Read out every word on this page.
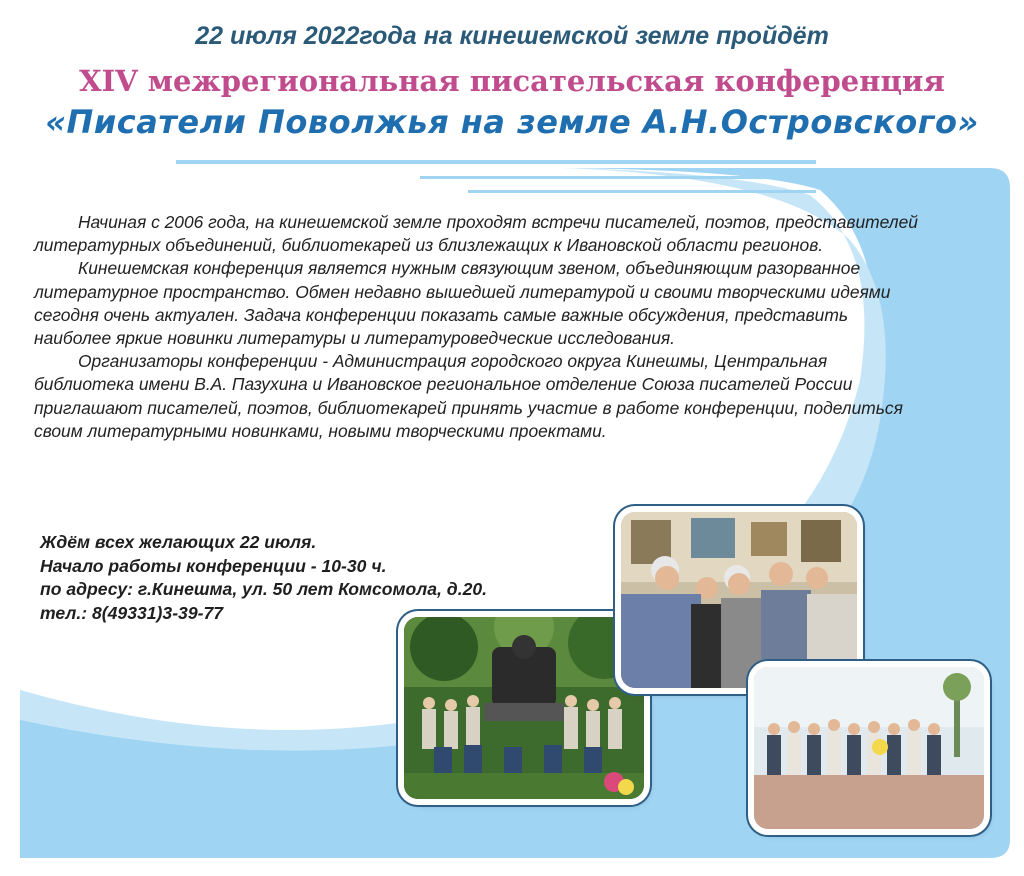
22 июля 2022года на кинешемской земле пройдёт
XIV межрегиональная писательская конференция
«Писатели Поволжья на земле А.Н.Островского»

Начиная с 2006 года, на кинешемской земле проходят встречи писателей, поэтов, представителей литературных объединений, библиотекарей из близлежащих к Ивановской области регионов.

Кинешемская конференция является нужным связующим звеном, объединяющим разорванное литературное пространство. Обмен недавно вышедшей литературой и своими творческими идеями сегодня очень актуален. Задача конференции показать самые важные обсуждения, представить наиболее яркие новинки литературы и литературоведческие исследования.

Организаторы конференции - Администрация городского округа Кинешмы, Центральная библиотека имени В.А. Пазухина и Ивановское региональное отделение Союза писателей России приглашают писателей, поэтов, библиотекарей принять участие в работе конференции, поделиться своим литературными новинками, новыми творческими проектами.

Ждём всех желающих 22 июля.
Начало работы конференции - 10-30 ч.
по адресу: г.Кинешма, ул. 50 лет Комсомола, д.20.
тел.: 8(49331)3-39-77
